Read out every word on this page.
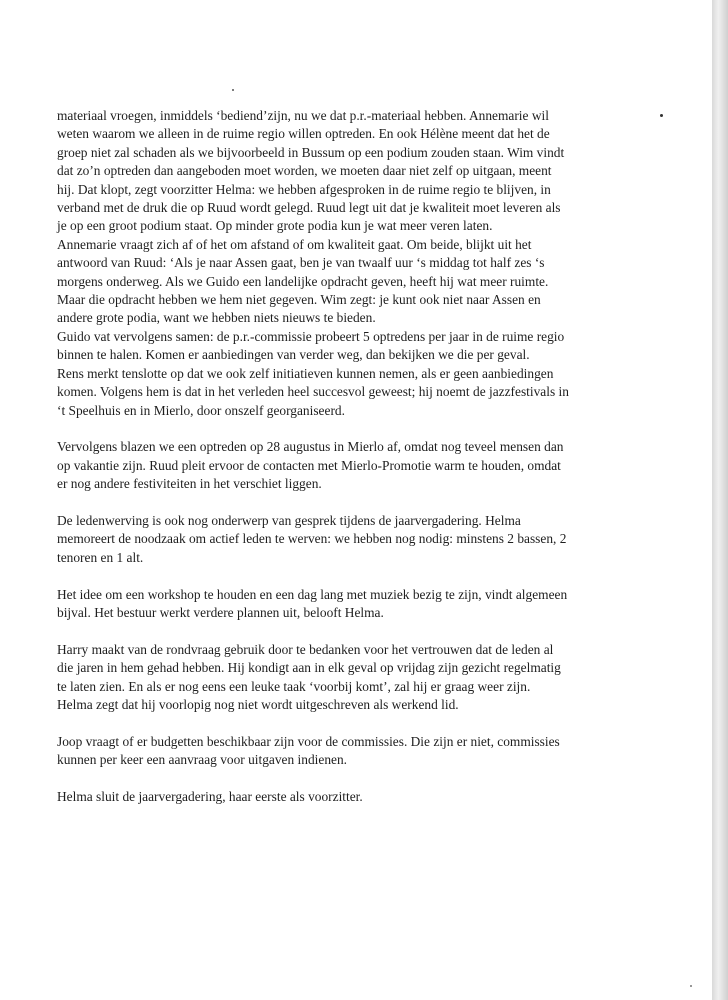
materiaal vroegen, inmiddels ‘bediend’zijn, nu we dat p.r.-materiaal hebben. Annemarie wil
weten waarom we alleen in de ruime regio willen optreden. En ook Hélène meent dat het de
groep niet zal schaden als we bijvoorbeeld in Bussum op een podium zouden staan. Wim vindt
dat zo’n optreden dan aangeboden moet worden, we moeten daar niet zelf op uitgaan, meent
hij. Dat klopt, zegt voorzitter Helma: we hebben afgesproken in de ruime regio te blijven, in
verband met de druk die op Ruud wordt gelegd. Ruud legt uit dat je kwaliteit moet leveren als
je op een groot podium staat. Op minder grote podia kun je wat meer veren laten.
Annemarie vraagt zich af of het om afstand of om kwaliteit gaat. Om beide, blijkt uit het
antwoord van Ruud: ‘Als je naar Assen gaat, ben je van twaalf uur ‘s middag tot half zes ‘s
morgens onderweg. Als we Guido een landelijke opdracht geven, heeft hij wat meer ruimte.
Maar die opdracht hebben we hem niet gegeven. Wim zegt: je kunt ook niet naar Assen en
andere grote podia, want we hebben niets nieuws te bieden.
Guido vat vervolgens samen: de p.r.-commissie probeert 5 optredens per jaar in de ruime regio
binnen te halen. Komen er aanbiedingen van verder weg, dan bekijken we die per geval.
Rens merkt tenslotte op dat we ook zelf initiatieven kunnen nemen, als er geen aanbiedingen
komen. Volgens hem is dat in het verleden heel succesvol geweest; hij noemt de jazzfestivals in
‘t Speelhuis en in Mierlo, door onszelf georganiseerd.
Vervolgens blazen we een optreden op 28 augustus in Mierlo af, omdat nog teveel mensen dan
op vakantie zijn. Ruud pleit ervoor de contacten met Mierlo-Promotie warm te houden, omdat
er nog andere festiviteiten in het verschiet liggen.
De ledenwerving is ook nog onderwerp van gesprek tijdens de jaarvergadering. Helma
memoreert de noodzaak om actief leden te werven: we hebben nog nodig: minstens 2 bassen, 2
tenoren en 1 alt.
Het idee om een workshop te houden en een dag lang met muziek bezig te zijn, vindt algemeen
bijval. Het bestuur werkt verdere plannen uit, belooft Helma.
Harry maakt van de rondvraag gebruik door te bedanken voor het vertrouwen dat de leden al
die jaren in hem gehad hebben. Hij kondigt aan in elk geval op vrijdag zijn gezicht regelmatig
te laten zien. En als er nog eens een leuke taak ‘voorbij komt’, zal hij er graag weer zijn.
Helma zegt dat hij voorlopig nog niet wordt uitgeschreven als werkend lid.
Joop vraagt of er budgetten beschikbaar zijn voor de commissies. Die zijn er niet, commissies
kunnen per keer een aanvraag voor uitgaven indienen.
Helma sluit de jaarvergadering, haar eerste als voorzitter.
